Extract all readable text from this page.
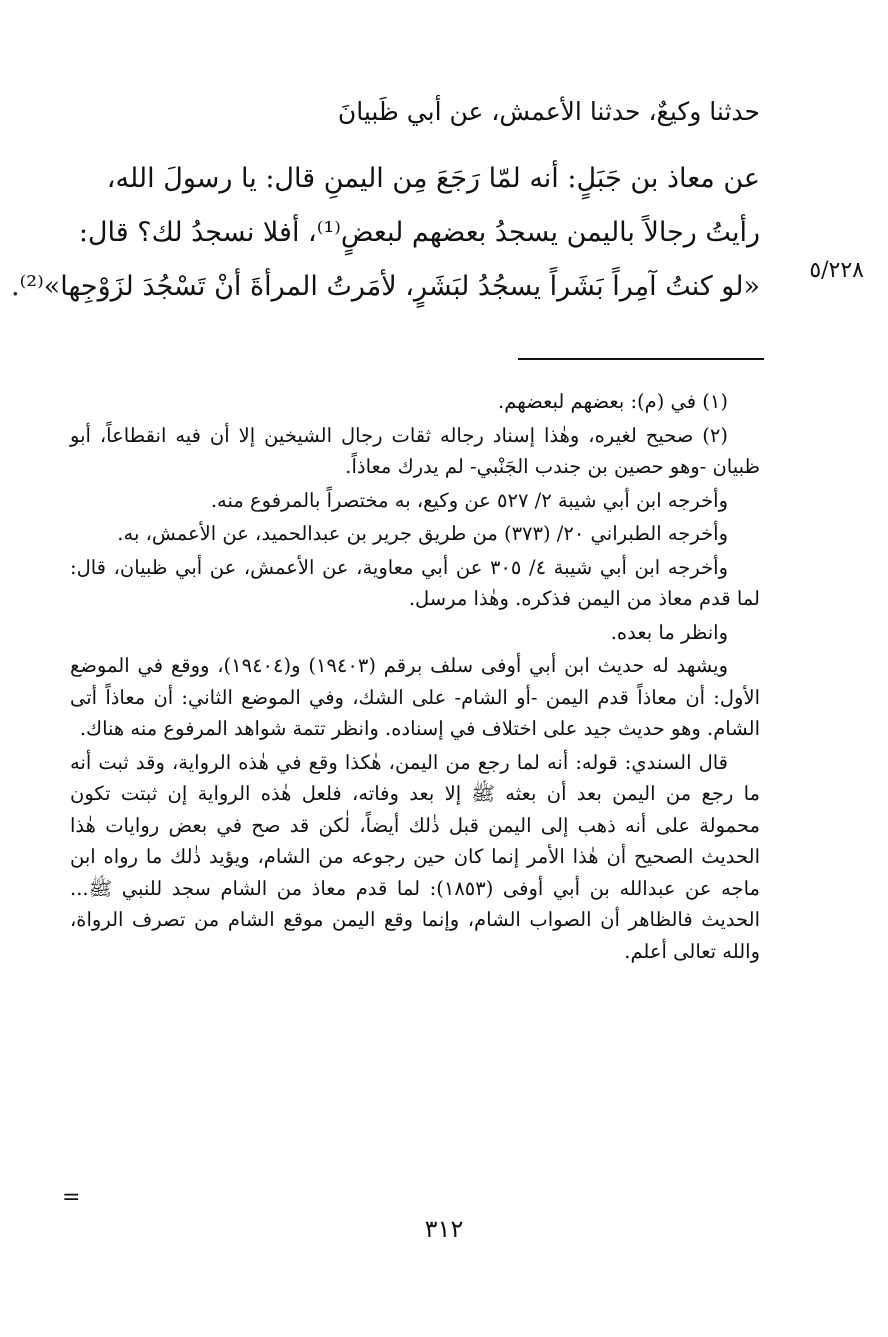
حدثنا وكيعٌ، حدثنا الأعمش، عن أبي ظَبيانَ
عن معاذ بن جَبَلٍ: أنه لمّا رَجَعَ مِن اليمنِ قال: يا رسولَ الله،
رأيتُ رجالاً باليمن يسجدُ بعضهم لبعضٍ⁽¹⁾، أفلا نسجدُ لك؟ قال:
«لو كنتُ آمِراً بَشَراً يسجُدُ لبَشَرٍ، لأمَرتُ المرأةَ أنْ تَسْجُدَ لزَوْجِها»⁽²⁾.
٥/٢٢٨

(١) في (م): بعضهم لبعضهم.

(٢) صحيح لغيره، وهٰذا إسناد رجاله ثقات رجال الشيخين إلا أن فيه انقطاعاً، أبو ظبيان -وهو حصين بن جندب الجَنْبي- لم يدرك معاذاً.

وأخرجه ابن أبي شيبة ٢/ ٥٢٧ عن وكيع، به مختصراً بالمرفوع منه.

وأخرجه الطبراني ٢٠/ (٣٧٣) من طريق جرير بن عبدالحميد، عن الأعمش، به.

وأخرجه ابن أبي شيبة ٤/ ٣٠٥ عن أبي معاوية، عن الأعمش، عن أبي ظبيان، قال: لما قدم معاذ من اليمن فذكره. وهٰذا مرسل.

وانظر ما بعده.

ويشهد له حديث ابن أبي أوفى سلف برقم (١٩٤٠٣) و(١٩٤٠٤)، ووقع في الموضع الأول: أن معاذاً قدم اليمن -أو الشام- على الشك، وفي الموضع الثاني: أن معاذاً أتى الشام. وهو حديث جيد على اختلاف في إسناده. وانظر تتمة شواهد المرفوع منه هناك.

قال السندي: قوله: أنه لما رجع من اليمن، هٰكذا وقع في هٰذه الرواية، وقد ثبت أنه ما رجع من اليمن بعد أن بعثه ﷺ إلا بعد وفاته، فلعل هٰذه الرواية إن ثبتت تكون محمولة على أنه ذهب إلى اليمن قبل ذٰلك أيضاً، لٰكن قد صح في بعض روايات هٰذا الحديث الصحيح أن هٰذا الأمر إنما كان حين رجوعه من الشام، ويؤيد ذٰلك ما رواه ابن ماجه عن عبدالله بن أبي أوفى (١٨٥٣): لما قدم معاذ من الشام سجد للنبي ﷺ... الحديث فالظاهر أن الصواب الشام، وإنما وقع اليمن موقع الشام من تصرف الرواة، والله تعالى أعلم.

=
٣١٢
